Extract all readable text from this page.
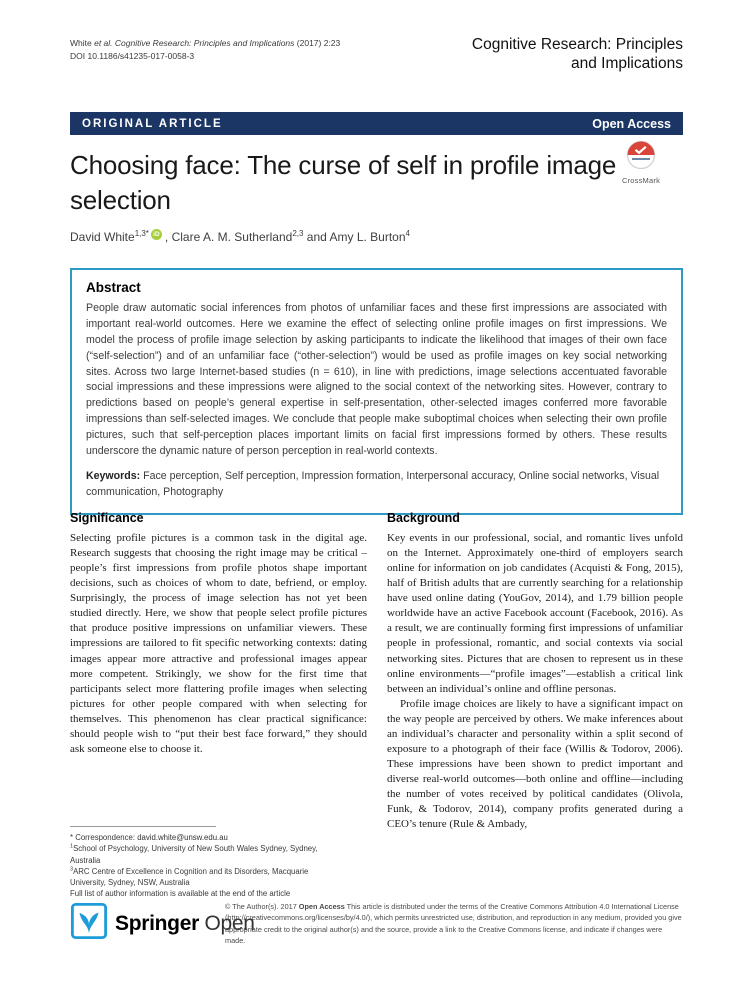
White et al. Cognitive Research: Principles and Implications (2017) 2:23
DOI 10.1186/s41235-017-0058-3
Cognitive Research: Principles
and Implications
ORIGINAL ARTICLE	Open Access
CrossMark
Choosing face: The curse of self in profile image selection
David White$^{1,3*}$ iD , Clare A. M. Sutherland$^{2,3}$ and Amy L. Burton$^4$
Abstract

People draw automatic social inferences from photos of unfamiliar faces and these first impressions are associated with important real-world outcomes. Here we examine the effect of selecting online profile images on first impressions. We model the process of profile image selection by asking participants to indicate the likelihood that images of their own face (“self-selection”) and of an unfamiliar face (“other-selection”) would be used as profile images on key social networking sites. Across two large Internet-based studies (n = 610), in line with predictions, image selections accentuated favorable social impressions and these impressions were aligned to the social context of the networking sites. However, contrary to predictions based on people’s general expertise in self-presentation, other-selected images conferred more favorable impressions than self-selected images. We conclude that people make suboptimal choices when selecting their own profile pictures, such that self-perception places important limits on facial first impressions formed by others. These results underscore the dynamic nature of person perception in real-world contexts.

Keywords: Face perception, Self perception, Impression formation, Interpersonal accuracy, Online social networks, Visual communication, Photography

Significance

Selecting profile pictures is a common task in the digital age. Research suggests that choosing the right image may be critical – people’s first impressions from profile photos shape important decisions, such as choices of whom to date, befriend, or employ. Surprisingly, the process of image selection has not yet been studied directly. Here, we show that people select profile pictures that produce positive impressions on unfamiliar viewers. These impressions are tailored to fit specific networking contexts: dating images appear more attractive and professional images appear more competent. Strikingly, we show for the first time that participants select more flattering profile images when selecting pictures for other people compared with when selecting for themselves. This phenomenon has clear practical significance: should people wish to “put their best face forward,” they should ask someone else to choose it.

Background

Key events in our professional, social, and romantic lives unfold on the Internet. Approximately one-third of employers search online for information on job candidates (Acquisti & Fong, 2015), half of British adults that are currently searching for a relationship have used online dating (YouGov, 2014), and 1.79 billion people worldwide have an active Facebook account (Facebook, 2016). As a result, we are continually forming first impressions of unfamiliar people in professional, romantic, and social contexts via social networking sites. Pictures that are chosen to represent us in these online environments—“profile images”—establish a critical link between an individual’s online and offline personas.

Profile image choices are likely to have a significant impact on the way people are perceived by others. We make inferences about an individual’s character and personality within a split second of exposure to a photograph of their face (Willis & Todorov, 2006). These impressions have been shown to predict important and diverse real-world outcomes—both online and offline—including the number of votes received by political candidates (Olivola, Funk, & Todorov, 2014), company profits generated during a CEO’s tenure (Rule & Ambady,

* Correspondence: david.white@unsw.edu.au
$^1$School of Psychology, University of New South Wales Sydney, Sydney, Australia
$^3$ARC Centre of Excellence in Cognition and its Disorders, Macquarie University, Sydney, NSW, Australia
Full list of author information is available at the end of the article
Springer Open

© The Author(s). 2017 Open Access This article is distributed under the terms of the Creative Commons Attribution 4.0 International License (http://creativecommons.org/licenses/by/4.0/), which permits unrestricted use, distribution, and reproduction in any medium, provided you give appropriate credit to the original author(s) and the source, provide a link to the Creative Commons license, and indicate if changes were made.
